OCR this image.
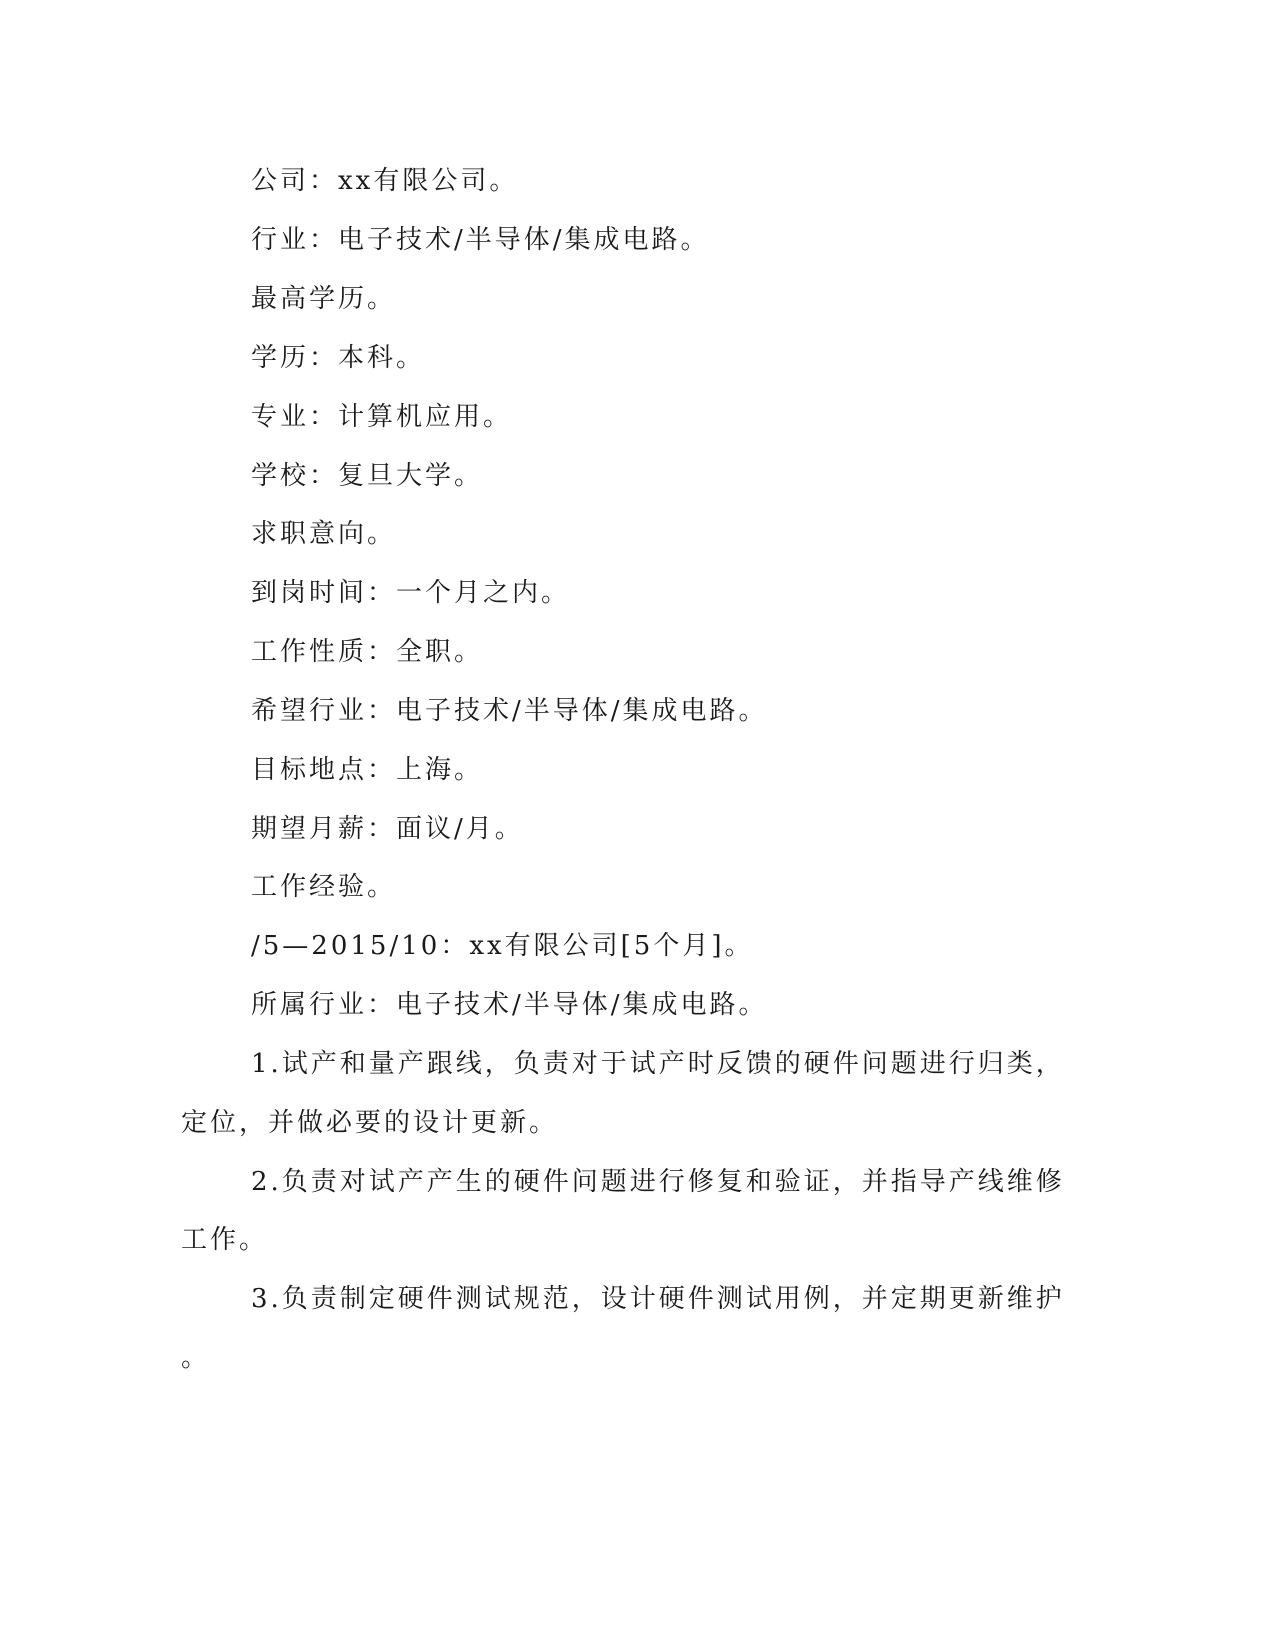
公司：xx有限公司。
行业：电子技术/半导体/集成电路。
最高学历。
学历：本科。
专业：计算机应用。
学校：复旦大学。
求职意向。
到岗时间：一个月之内。
工作性质：全职。
希望行业：电子技术/半导体/集成电路。
目标地点：上海。
期望月薪：面议/月。
工作经验。
/5—2015/10：xx有限公司[5个月]。
所属行业：电子技术/半导体/集成电路。
1.试产和量产跟线，负责对于试产时反馈的硬件问题进行归类，
定位，并做必要的设计更新。
2.负责对试产产生的硬件问题进行修复和验证，并指导产线维修
工作。
3.负责制定硬件测试规范，设计硬件测试用例，并定期更新维护
。
